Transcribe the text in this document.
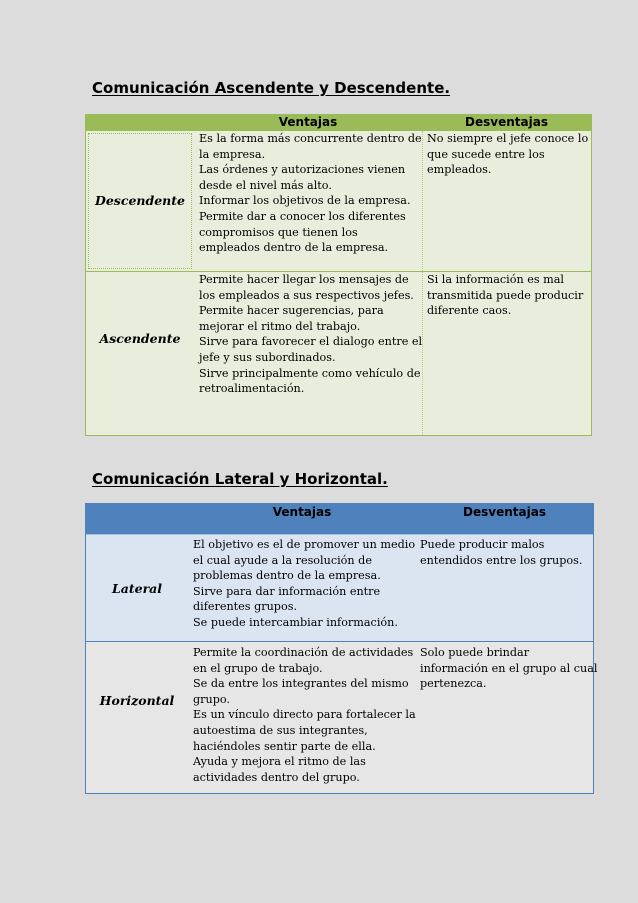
Comunicación Ascendente y Descendente.
Ventajas	Desventajas
Descendente
Es la forma más concurrente dentro de
la empresa.
Las órdenes y autorizaciones vienen
desde el nivel más alto.
Informar los objetivos de la empresa.
Permite dar a conocer los diferentes
compromisos que tienen los
empleados dentro de la empresa.
No siempre el jefe conoce lo
que sucede entre los
empleados.
Ascendente
Permite hacer llegar los mensajes de
los empleados a sus respectivos jefes.
Permite hacer sugerencias, para
mejorar el ritmo del trabajo.
Sirve para favorecer el dialogo entre el
jefe y sus subordinados.
Sirve principalmente como vehículo de
retroalimentación.
Si la información es mal
transmitida puede producir
diferente caos.
Comunicación Lateral y Horizontal.
Ventajas	Desventajas
Lateral
El objetivo es el de promover un medio
el cual ayude a la resolución de
problemas dentro de la empresa.
Sirve para dar información entre
diferentes grupos.
Se puede intercambiar información.
Puede producir malos
entendidos entre los grupos.
Horizontal
Permite la coordinación de actividades
en el grupo de trabajo.
Se da entre los integrantes del mismo
grupo.
Es un vínculo directo para fortalecer la
autoestima de sus integrantes,
haciéndoles sentir parte de ella.
Ayuda y mejora el ritmo de las
actividades dentro del grupo.
Solo puede brindar
información en el grupo al cual
pertenezca.
